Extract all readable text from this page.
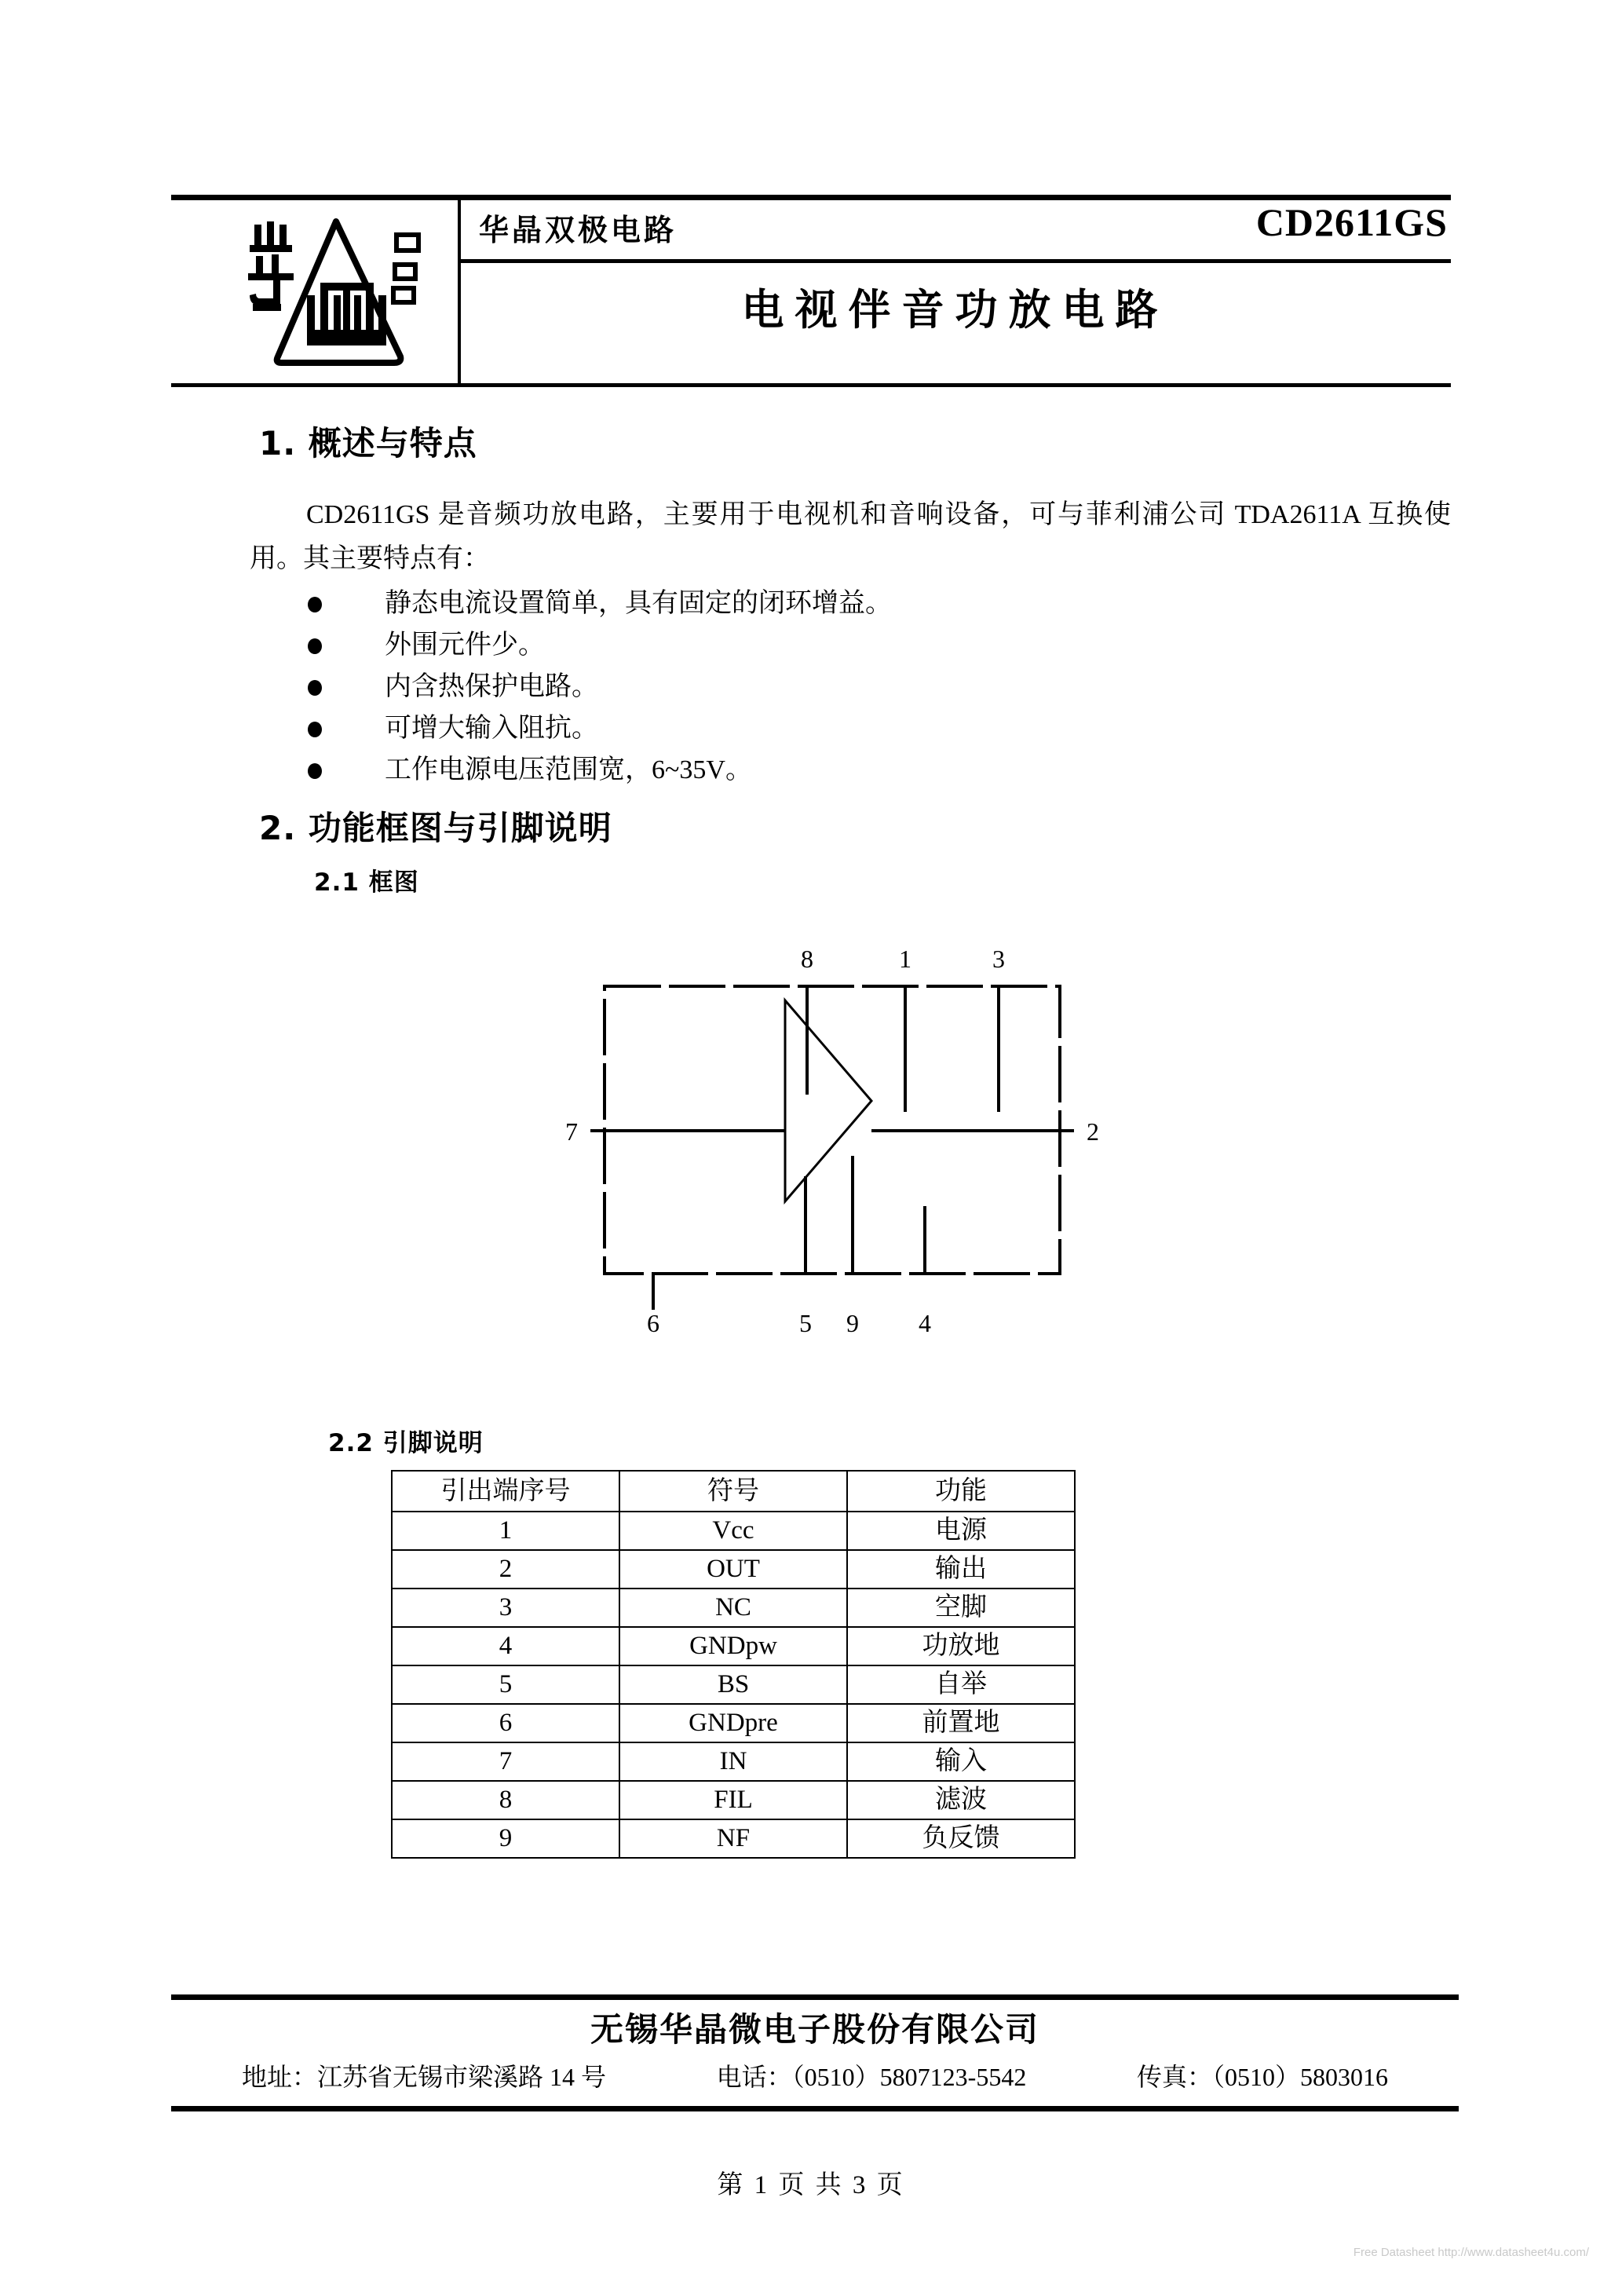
华晶双极电路	CD2611GS
电视伴音功放电路
1. 概述与特点
CD2611GS 是音频功放电路，主要用于电视机和音响设备，可与菲利浦公司 TDA2611A 互换使用。其主要特点有：
静态电流设置简单，具有固定的闭环增益。
外围元件少。
内含热保护电路。
可增大输入阻抗。
工作电源电压范围宽，6~35V。
2. 功能框图与引脚说明
2.1 框图
8	1	3
7	2
6	5 9 4
2.2 引脚说明
引出端序号	符号	功能
1	Vcc	电源
2	OUT	输出
3	NC	空脚
4	GNDpw	功放地
5	BS	自举
6	GNDpre	前置地
7	IN	输入
8	FIL	滤波
9	NF	负反馈
无锡华晶微电子股份有限公司
地址：江苏省无锡市梁溪路 14 号	电话：（0510）5807123-5542	传真：（0510）5803016
第 1 页 共 3 页
Free Datasheet http://www.datasheet4u.com/
